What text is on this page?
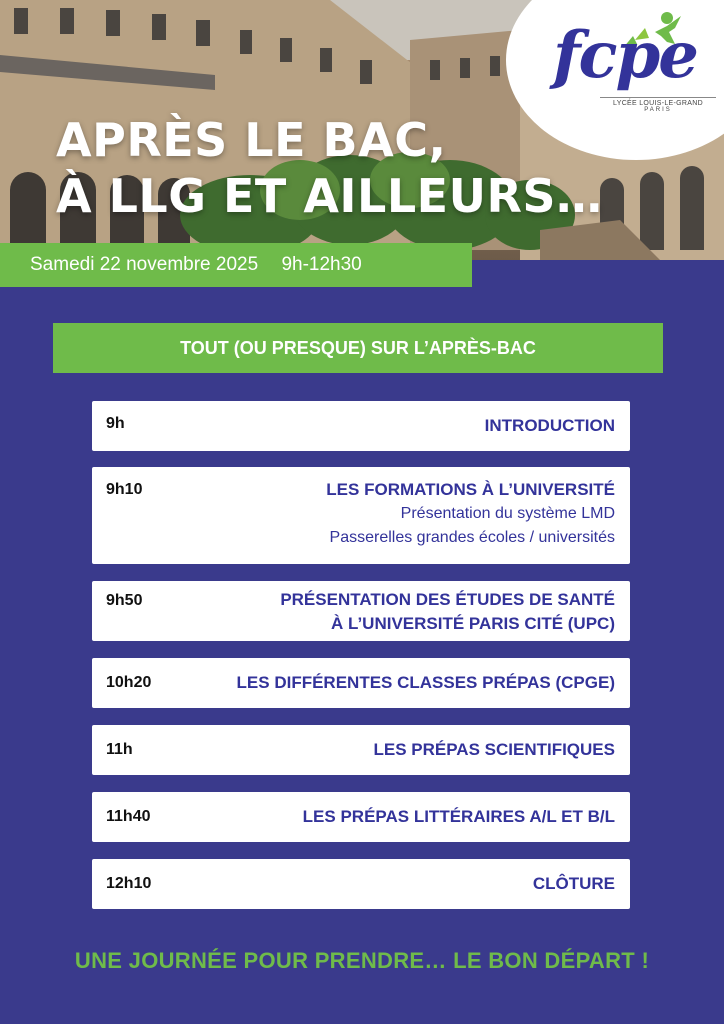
APRÈS LE BAC,
À LLG ET AILLEURS…
fcpe
LYCÉE LOUIS-LE-GRAND
PARIS
Samedi 22 novembre 2025 9h-12h30
TOUT (OU PRESQUE) SUR L’APRÈS-BAC
9h	INTRODUCTION
9h10	LES FORMATIONS À L’UNIVERSITÉ
Présentation du système LMD
Passerelles grandes écoles / universités
9h50	PRÉSENTATION DES ÉTUDES DE SANTÉ
À L’UNIVERSITÉ PARIS CITÉ (UPC)
10h20	LES DIFFÉRENTES CLASSES PRÉPAS (CPGE)
11h	LES PRÉPAS SCIENTIFIQUES
11h40	LES PRÉPAS LITTÉRAIRES A/L ET B/L
12h10	CLÔTURE
UNE JOURNÉE POUR PRENDRE… LE BON DÉPART !
